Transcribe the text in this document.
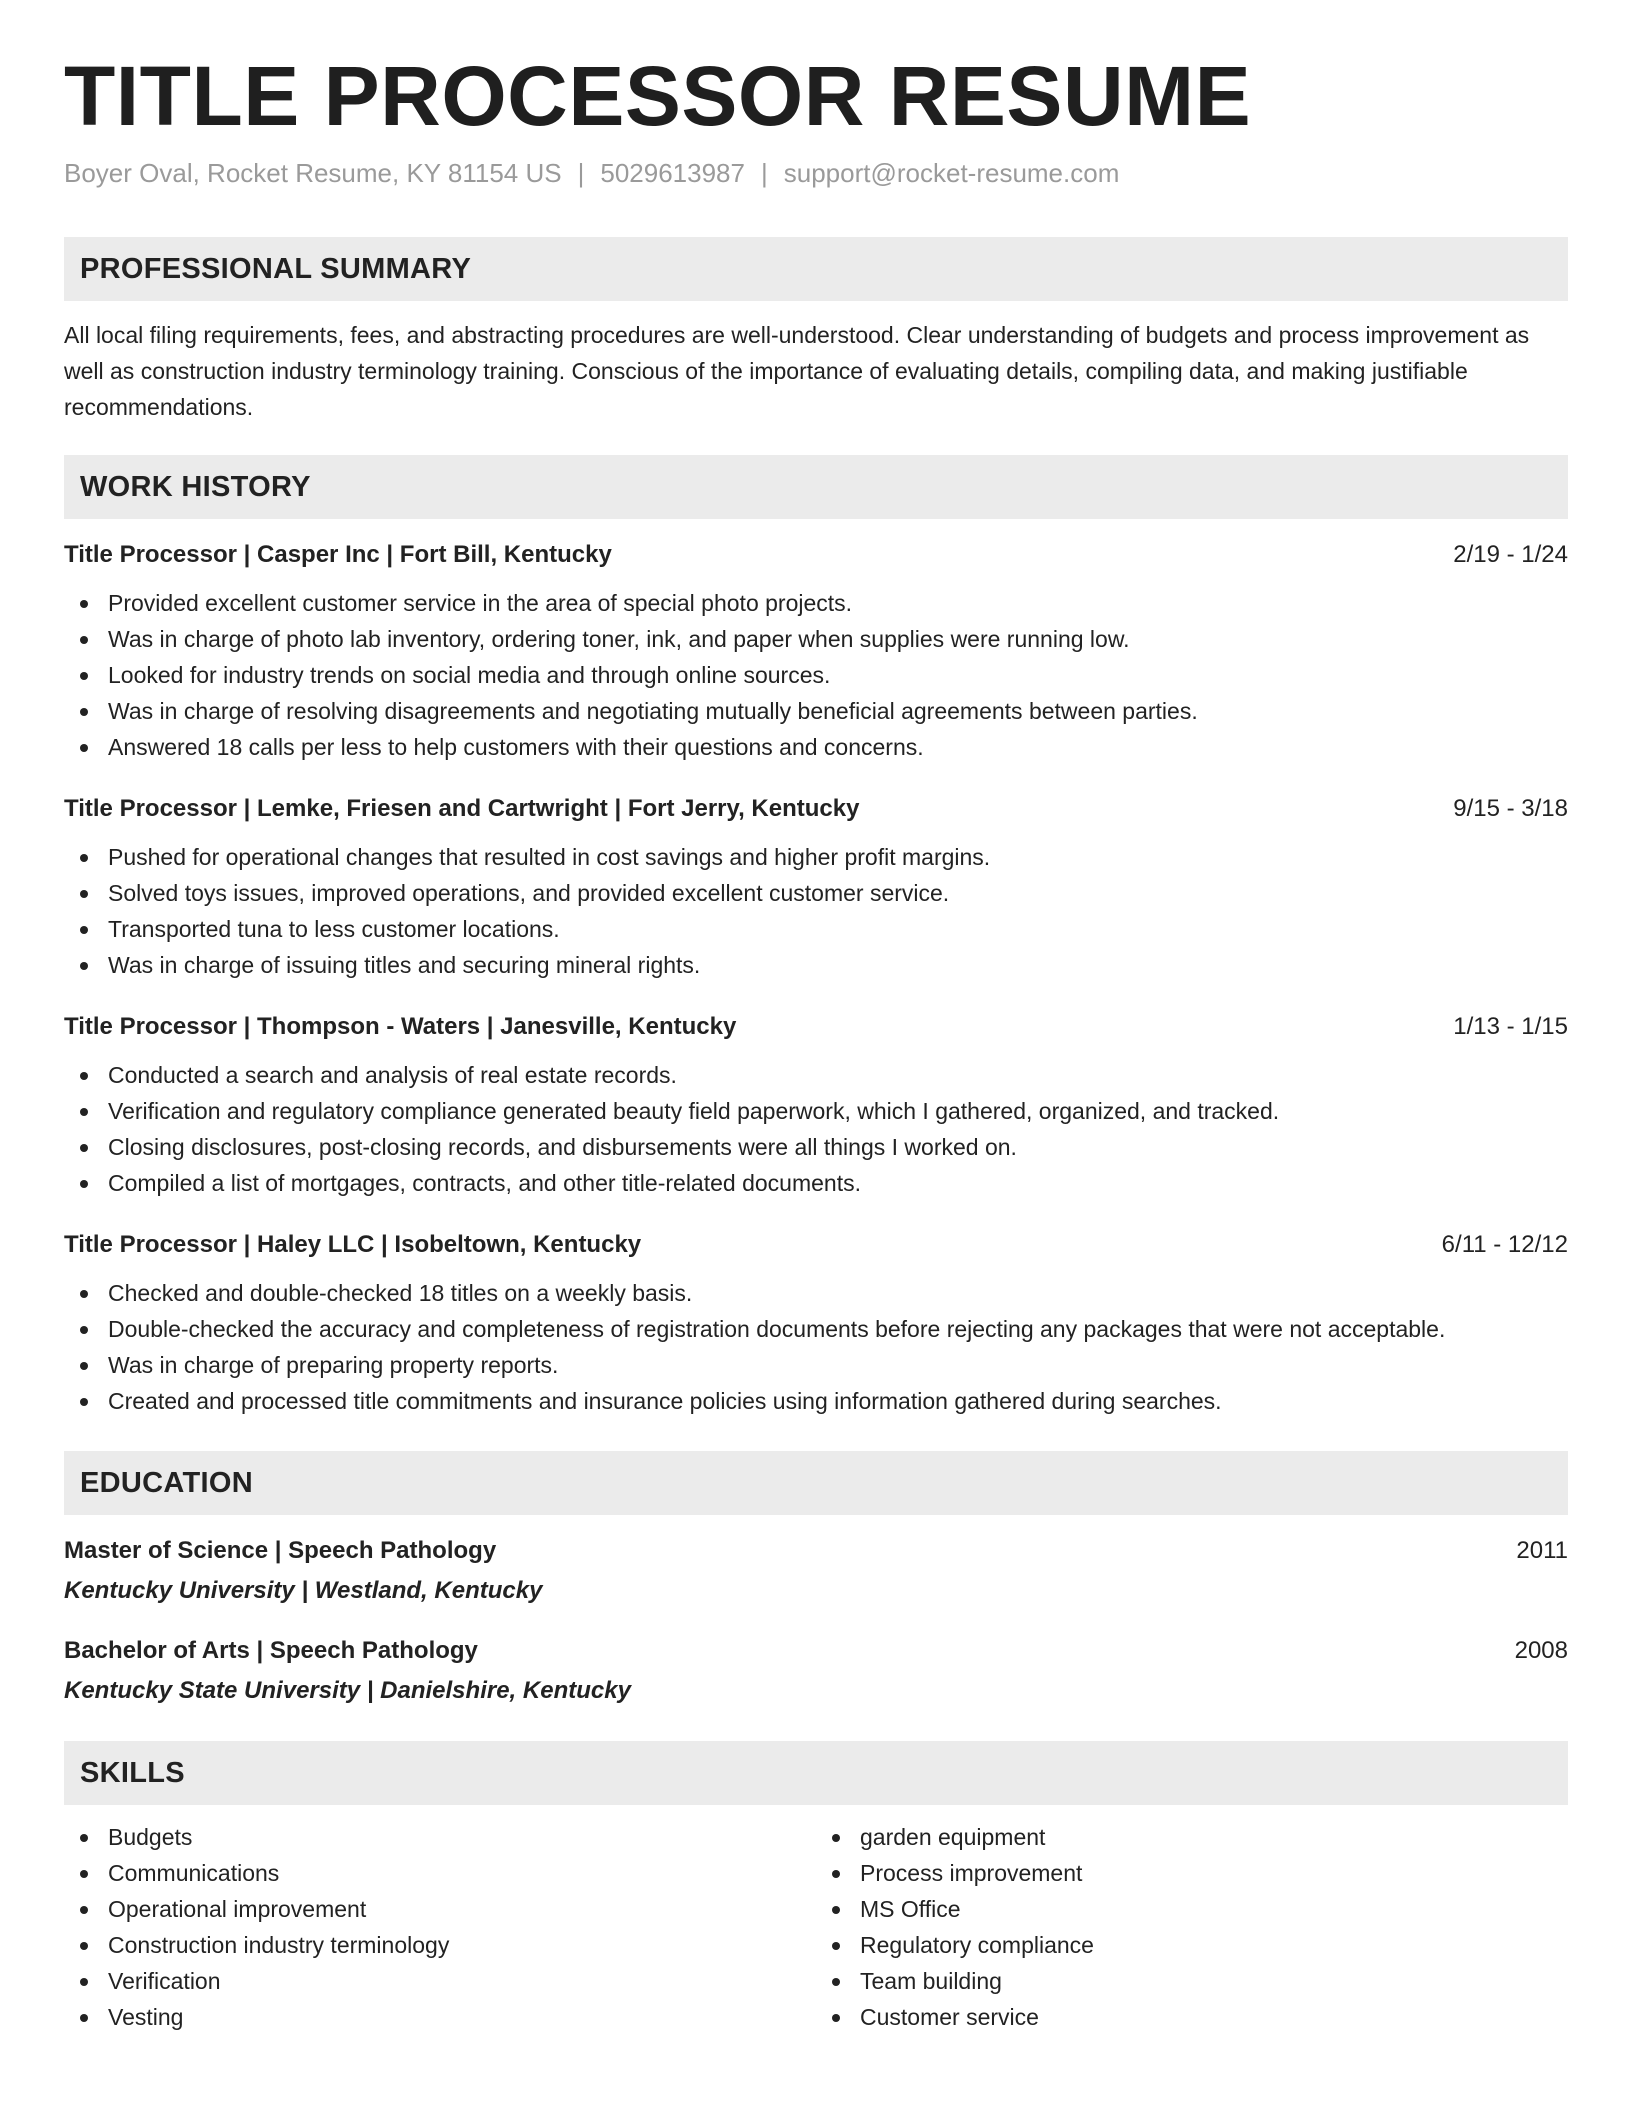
TITLE PROCESSOR RESUME
Boyer Oval, Rocket Resume, KY 81154 US | 5029613987 | support@rocket-resume.com
PROFESSIONAL SUMMARY

All local filing requirements, fees, and abstracting procedures are well-understood. Clear understanding of budgets and process improvement as well as construction industry terminology training. Conscious of the importance of evaluating details, compiling data, and making justifiable recommendations.

WORK HISTORY
Title Processor | Casper Inc | Fort Bill, Kentucky	2/19 - 1/24
Provided excellent customer service in the area of special photo projects.
Was in charge of photo lab inventory, ordering toner, ink, and paper when supplies were running low.
Looked for industry trends on social media and through online sources.
Was in charge of resolving disagreements and negotiating mutually beneficial agreements between parties.
Answered 18 calls per less to help customers with their questions and concerns.
Title Processor | Lemke, Friesen and Cartwright | Fort Jerry, Kentucky	9/15 - 3/18
Pushed for operational changes that resulted in cost savings and higher profit margins.
Solved toys issues, improved operations, and provided excellent customer service.
Transported tuna to less customer locations.
Was in charge of issuing titles and securing mineral rights.
Title Processor | Thompson - Waters | Janesville, Kentucky	1/13 - 1/15
Conducted a search and analysis of real estate records.
Verification and regulatory compliance generated beauty field paperwork, which I gathered, organized, and tracked.
Closing disclosures, post-closing records, and disbursements were all things I worked on.
Compiled a list of mortgages, contracts, and other title-related documents.
Title Processor | Haley LLC | Isobeltown, Kentucky	6/11 - 12/12
Checked and double-checked 18 titles on a weekly basis.
Double-checked the accuracy and completeness of registration documents before rejecting any packages that were not acceptable.
Was in charge of preparing property reports.
Created and processed title commitments and insurance policies using information gathered during searches.
EDUCATION
Master of Science | Speech Pathology	2011
Kentucky University | Westland, Kentucky
Bachelor of Arts | Speech Pathology	2008
Kentucky State University | Danielshire, Kentucky
SKILLS
Budgets
Communications
Operational improvement
Construction industry terminology
Verification
Vesting
garden equipment
Process improvement
MS Office
Regulatory compliance
Team building
Customer service
